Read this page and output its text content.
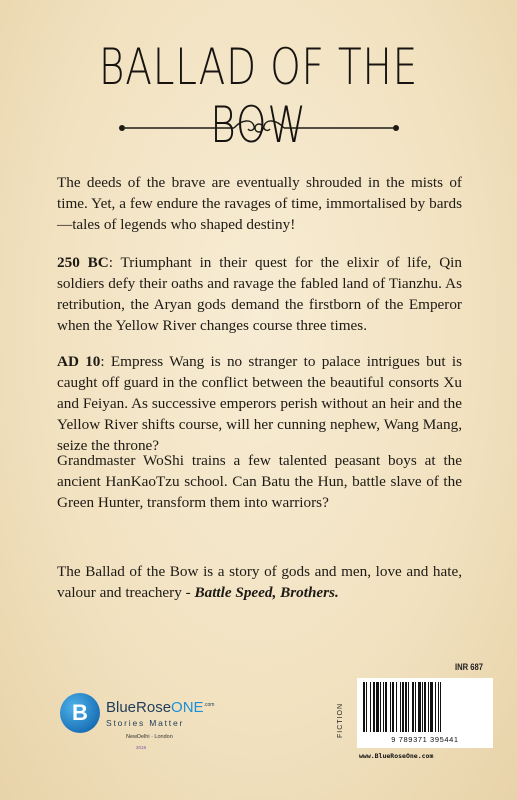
BALLAD OF THE BOW

The deeds of the brave are eventually shrouded in the mists of time. Yet, a few endure the ravages of time, immortalised by bards—tales of legends who shaped destiny!

250 BC: Triumphant in their quest for the elixir of life, Qin soldiers defy their oaths and ravage the fabled land of Tianzhu. As retribution, the Aryan gods demand the firstborn of the Emperor when the Yellow River changes course three times.

AD 10: Empress Wang is no stranger to palace intrigues but is caught off guard in the conflict between the beautiful consorts Xu and Feiyan. As successive emperors perish without an heir and the Yellow River shifts course, will her cunning nephew, Wang Mang, seize the throne?

Grandmaster WoShi trains a few talented peasant boys at the ancient HanKaoTzu school. Can Batu the Hun, battle slave of the Green Hunter, transform them into warriors?

The Ballad of the Bow is a story of gods and men, love and hate, valour and treachery - Battle Speed, Brothers.

B	BlueRoseONE$^{.com}$
Stories Matter
NewDelhi · London
2019
INR 687
FICTION
9 789371 395441
www.BlueRoseOne.com
